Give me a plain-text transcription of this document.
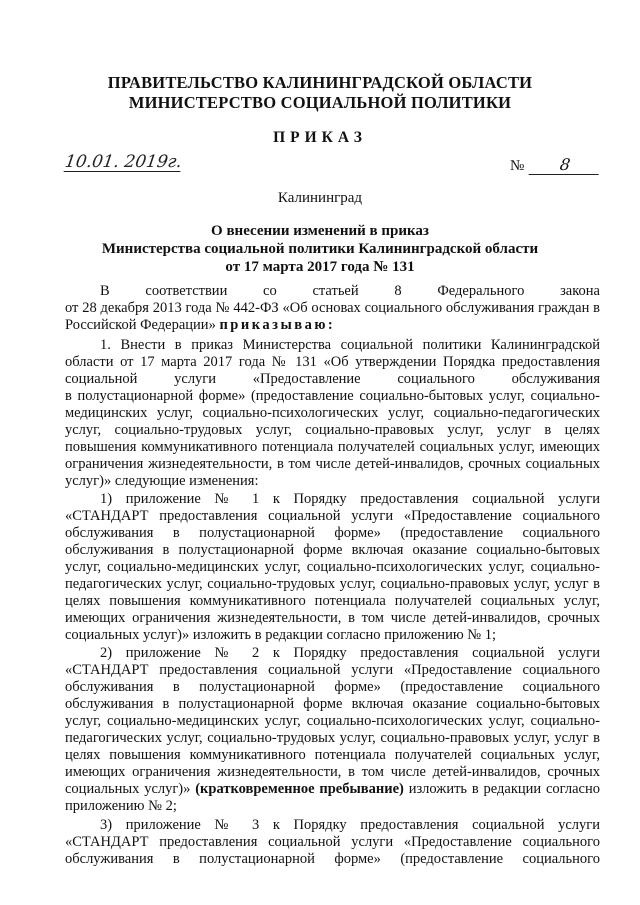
ПРАВИТЕЛЬСТВО КАЛИНИНГРАДСКОЙ ОБЛАСТИ
МИНИСТЕРСТВО СОЦИАЛЬНОЙ ПОЛИТИКИ
ПРИКАЗ
10.01. 2019г.	№ 8
Калининград
О внесении изменений в приказ
Министерства социальной политики Калининградской области
от 17 марта 2017 года № 131
В соответствии со статьей 8 Федерального закона
от 28 декабря 2013 года № 442-ФЗ «Об основах социального обслуживания граждан в
Российской Федерации» приказываю:
1. Внести в приказ Министерства социальной политики Калининградской
области от 17 марта 2017 года № 131 «Об утверждении Порядка предоставления
социальной услуги «Предоставление социального обслуживания
в полустационарной форме» (предоставление социально-бытовых услуг, социально-
медицинских услуг, социально-психологических услуг, социально-педагогических
услуг, социально-трудовых услуг, социально-правовых услуг, услуг в целях
повышения коммуникативного потенциала получателей социальных услуг, имеющих
ограничения жизнедеятельности, в том числе детей-инвалидов, срочных социальных
услуг)» следующие изменения:
1) приложение № 1 к Порядку предоставления социальной услуги
«СТАНДАРТ предоставления социальной услуги «Предоставление социального
обслуживания в полустационарной форме» (предоставление социального
обслуживания в полустационарной форме включая оказание социально-бытовых
услуг, социально-медицинских услуг, социально-психологических услуг, социально-
педагогических услуг, социально-трудовых услуг, социально-правовых услуг, услуг в
целях повышения коммуникативного потенциала получателей социальных услуг,
имеющих ограничения жизнедеятельности, в том числе детей-инвалидов, срочных
социальных услуг)» изложить в редакции согласно приложению № 1;
2) приложение № 2 к Порядку предоставления социальной услуги
«СТАНДАРТ предоставления социальной услуги «Предоставление социального
обслуживания в полустационарной форме» (предоставление социального
обслуживания в полустационарной форме включая оказание социально-бытовых
услуг, социально-медицинских услуг, социально-психологических услуг, социально-
педагогических услуг, социально-трудовых услуг, социально-правовых услуг, услуг в
целях повышения коммуникативного потенциала получателей социальных услуг,
имеющих ограничения жизнедеятельности, в том числе детей-инвалидов, срочных
социальных услуг)» (кратковременное пребывание) изложить в редакции согласно
приложению № 2;
3) приложение № 3 к Порядку предоставления социальной услуги
«СТАНДАРТ предоставления социальной услуги «Предоставление социального
обслуживания в полустационарной форме» (предоставление социального
